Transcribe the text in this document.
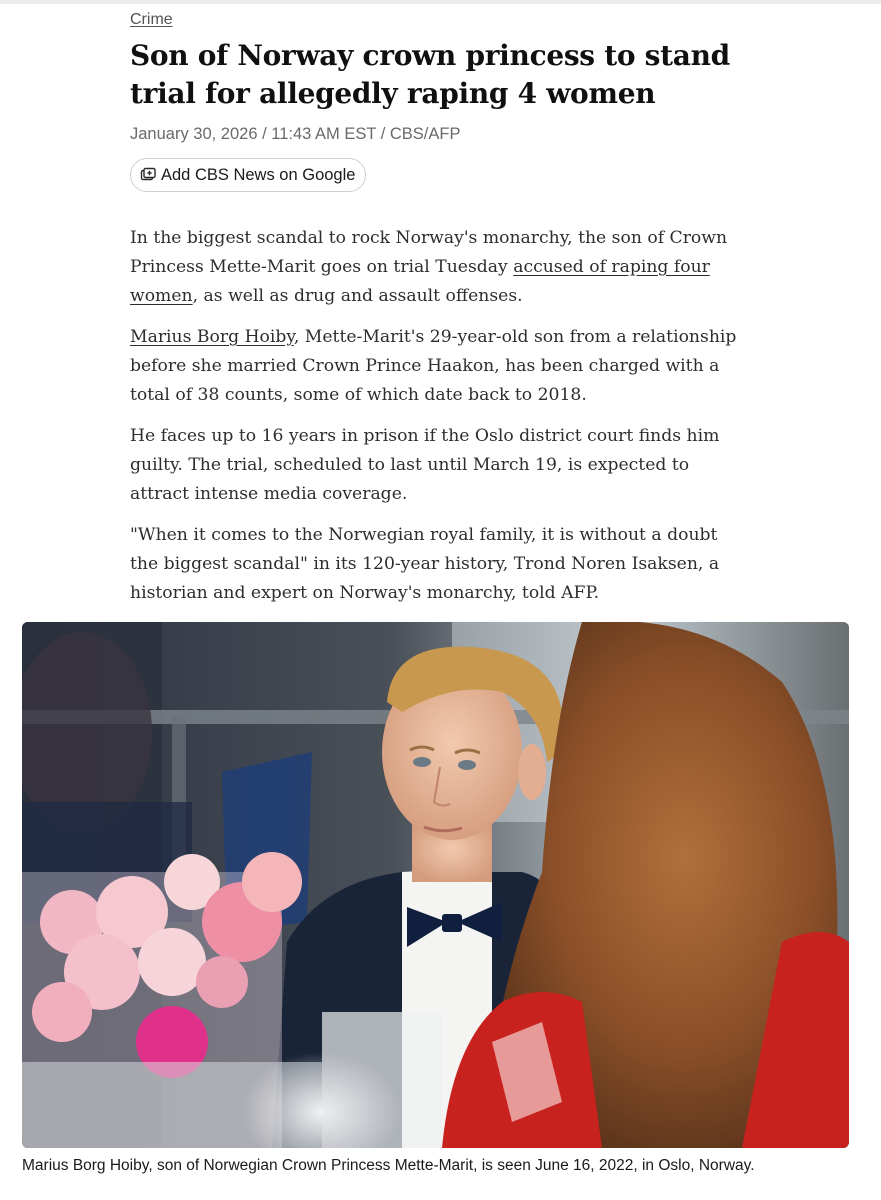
Crime
Son of Norway crown princess to stand trial for allegedly raping 4 women
January 30, 2026 / 11:43 AM EST / CBS/AFP
Add CBS News on Google

In the biggest scandal to rock Norway's monarchy, the son of Crown Princess Mette-Marit goes on trial Tuesday accused of raping four women, as well as drug and assault offenses.

Marius Borg Hoiby, Mette-Marit's 29-year-old son from a relationship before she married Crown Prince Haakon, has been charged with a total of 38 counts, some of which date back to 2018.

He faces up to 16 years in prison if the Oslo district court finds him guilty. The trial, scheduled to last until March 19, is expected to attract intense media coverage.

"When it comes to the Norwegian royal family, it is without a doubt the biggest scandal" in its 120-year history, Trond Noren Isaksen, a historian and expert on Norway's monarchy, told AFP.

Marius Borg Hoiby, son of Norwegian Crown Princess Mette-Marit, is seen June 16, 2022, in Oslo, Norway.
